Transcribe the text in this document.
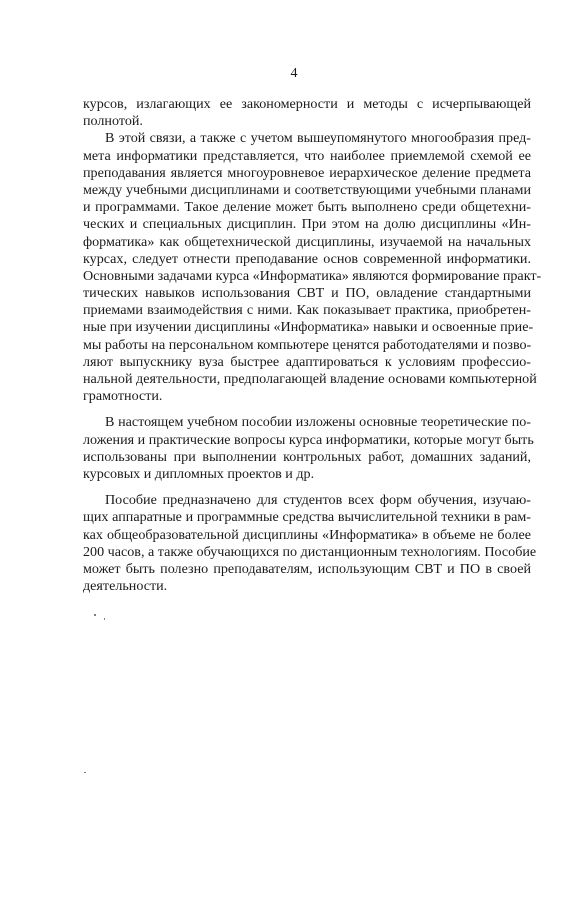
4
курсов, излагающих ее закономерности и методы с исчерпывающей
полнотой.
В этой связи, а также с учетом вышеупомянутого многообразия пред-
мета информатики представляется, что наиболее приемлемой схемой ее
преподавания является многоуровневое иерархическое деление предмета
между учебными дисциплинами и соответствующими учебными планами
и программами. Такое деление может быть выполнено среди общетехни-
ческих и специальных дисциплин. При этом на долю дисциплины «Ин-
форматика» как общетехнической дисциплины, изучаемой на начальных
курсах, следует отнести преподавание основ современной информатики.
Основными задачами курса «Информатика» являются формирование практ-
тических навыков использования СВТ и ПО, овладение стандартными
приемами взаимодействия с ними. Как показывает практика, приобретен-
ные при изучении дисциплины «Информатика» навыки и освоенные прие-
мы работы на персональном компьютере ценятся работодателями и позво-
ляют выпускнику вуза быстрее адаптироваться к условиям профессио-
нальной деятельности, предполагающей владение основами компьютерной
грамотности.
В настоящем учебном пособии изложены основные теоретические по-
ложения и практические вопросы курса информатики, которые могут быть
использованы при выполнении контрольных работ, домашних заданий,
курсовых и дипломных проектов и др.
Пособие предназначено для студентов всех форм обучения, изучаю-
щих аппаратные и программные средства вычислительной техники в рам-
ках общеобразовательной дисциплины «Информатика» в объеме не более
200 часов, а также обучающихся по дистанционным технологиям. Пособие
может быть полезно преподавателям, использующим СВТ и ПО в своей
деятельности.
